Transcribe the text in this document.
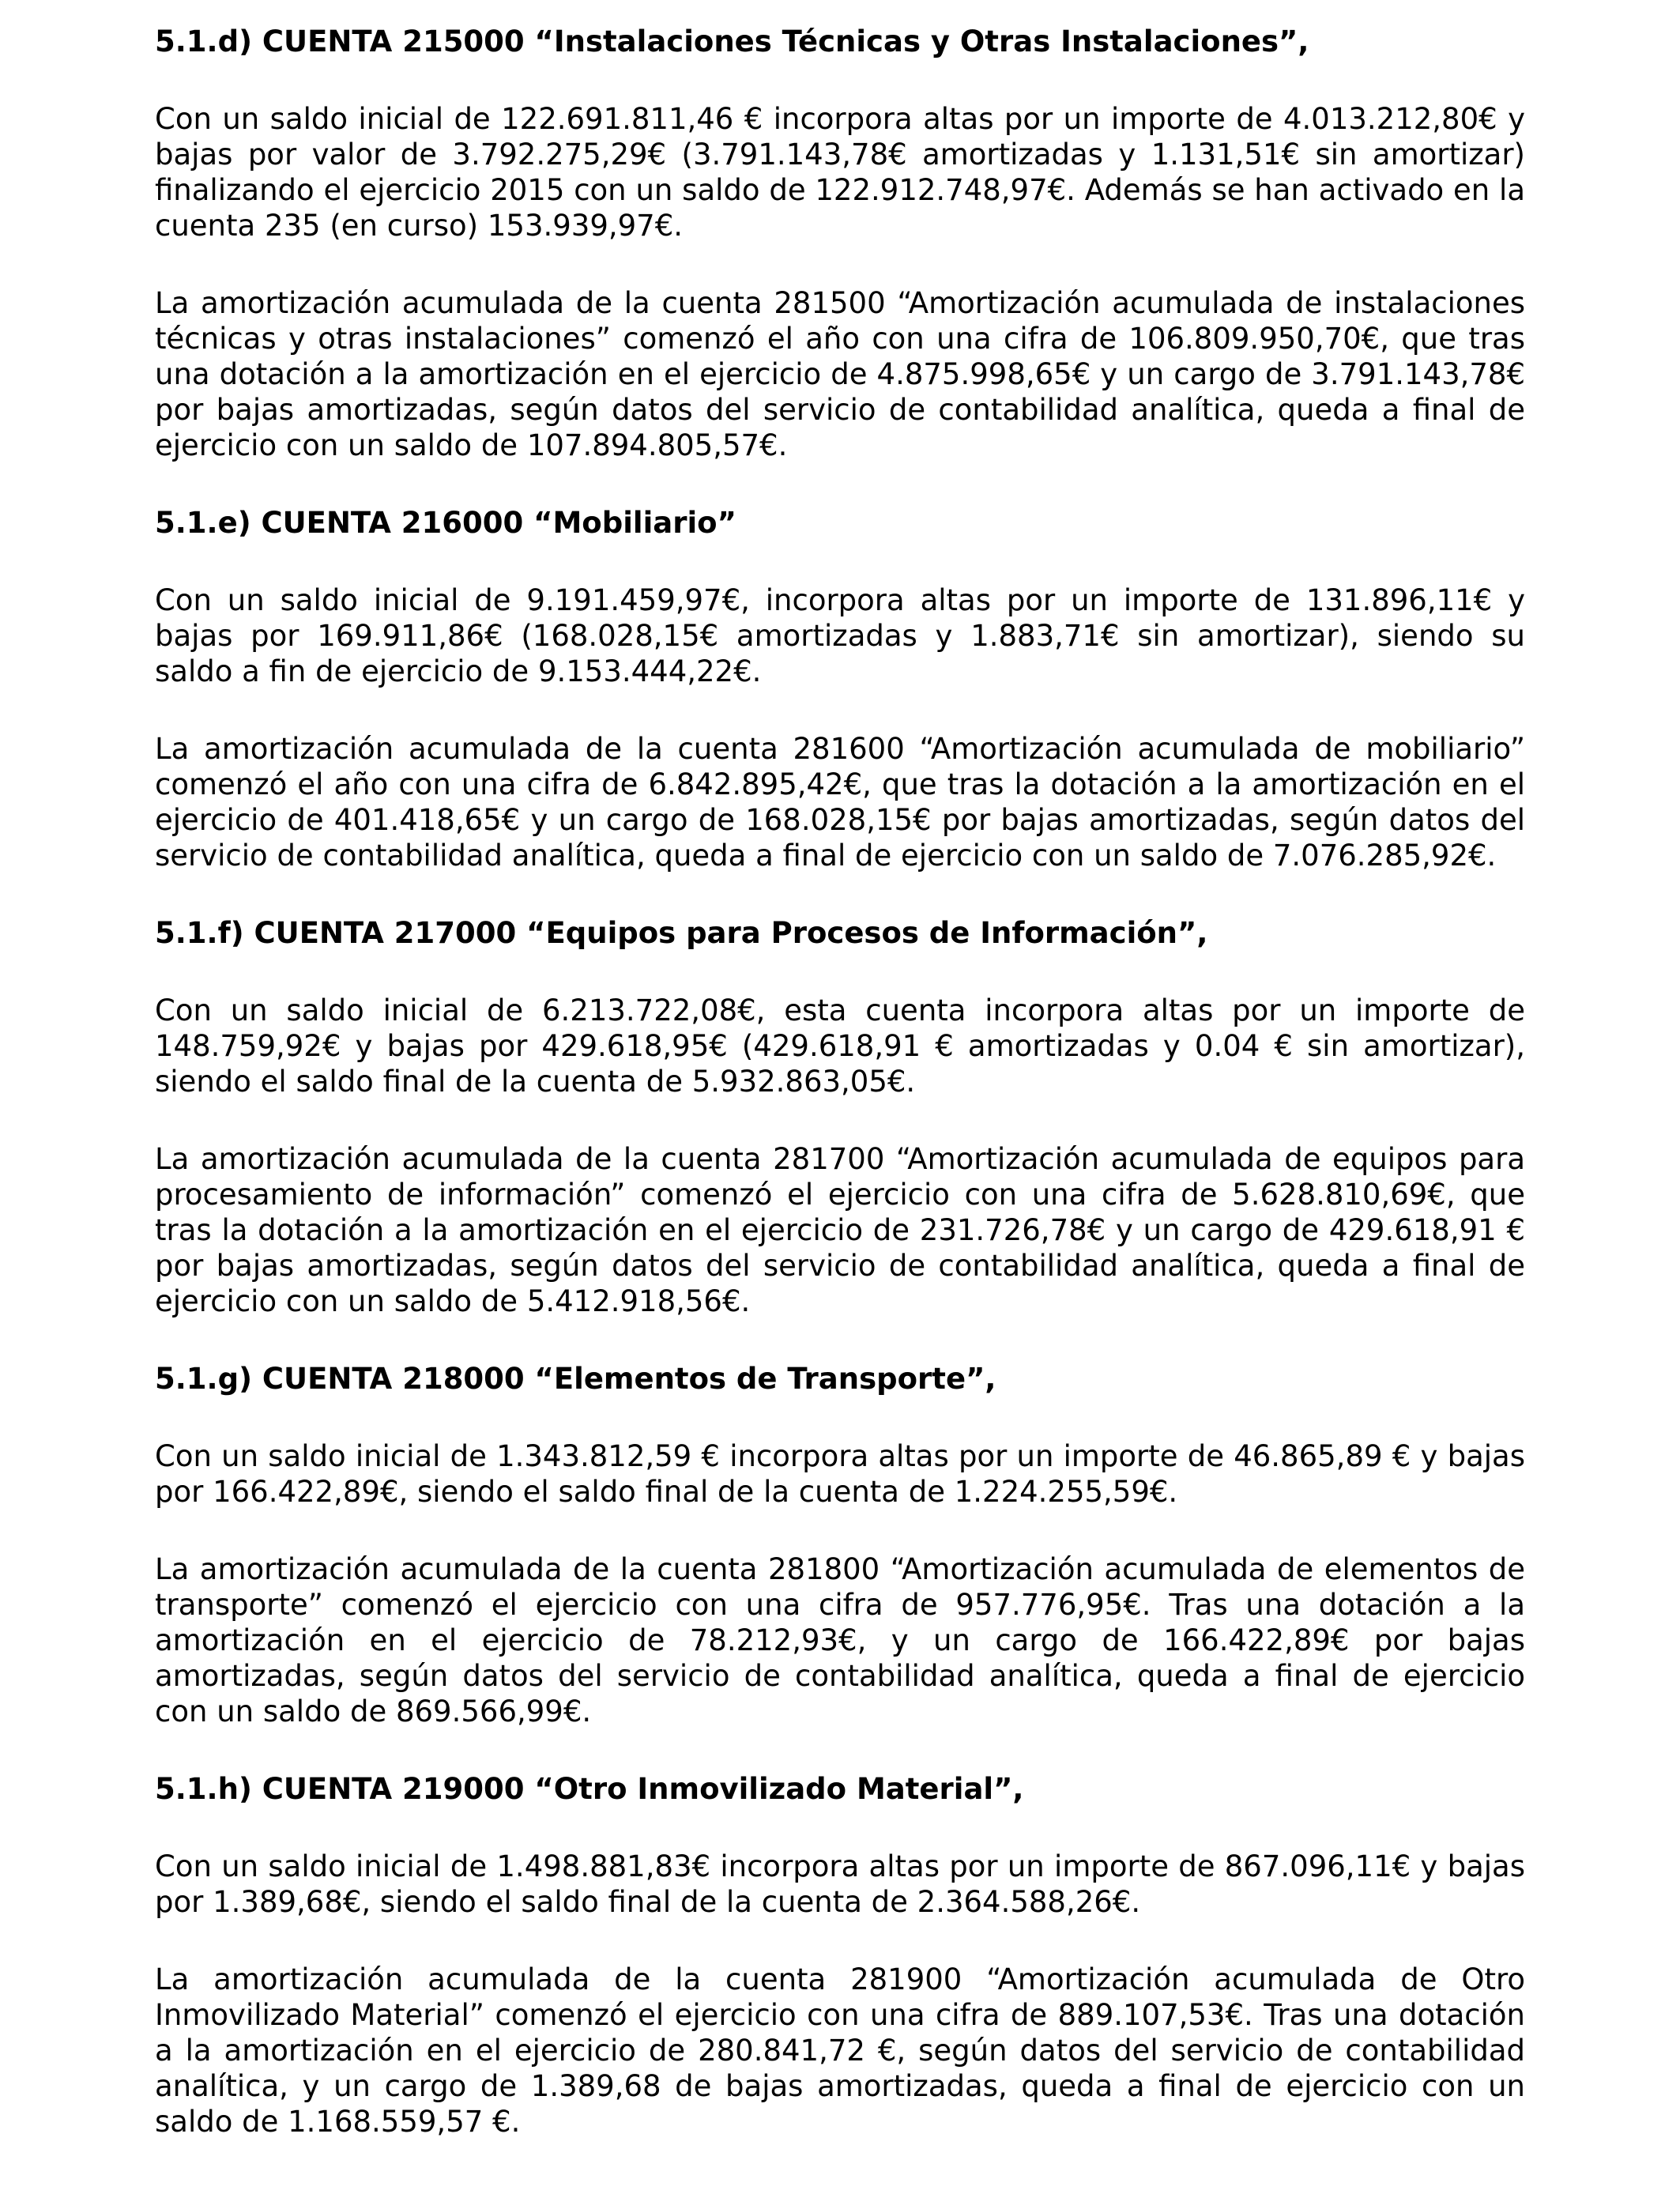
5.1.d) CUENTA 215000 “Instalaciones Técnicas y Otras Instalaciones”,

Con un saldo inicial de 122.691.811,46 € incorpora altas por un importe de 4.013.212,80€ y bajas por valor de 3.792.275,29€ (3.791.143,78€ amortizadas y 1.131,51€ sin amortizar) finalizando el ejercicio 2015 con un saldo de 122.912.748,97€. Además se han activado en la cuenta 235 (en curso) 153.939,97€.

La amortización acumulada de la cuenta 281500 “Amortización acumulada de instalaciones técnicas y otras instalaciones” comenzó el año con una cifra de 106.809.950,70€, que tras una dotación a la amortización en el ejercicio de 4.875.998,65€ y un cargo de 3.791.143,78€ por bajas amortizadas, según datos del servicio de contabilidad analítica, queda a final de ejercicio con un saldo de 107.894.805,57€.

5.1.e) CUENTA 216000 “Mobiliario”

Con un saldo inicial de 9.191.459,97€, incorpora altas por un importe de 131.896,11€ y bajas por 169.911,86€ (168.028,15€ amortizadas y 1.883,71€ sin amortizar), siendo su saldo a fin de ejercicio de 9.153.444,22€.

La amortización acumulada de la cuenta 281600 “Amortización acumulada de mobiliario” comenzó el año con una cifra de 6.842.895,42€, que tras la dotación a la amortización en el ejercicio de 401.418,65€ y un cargo de 168.028,15€ por bajas amortizadas, según datos del servicio de contabilidad analítica, queda a final de ejercicio con un saldo de 7.076.285,92€.

5.1.f) CUENTA 217000 “Equipos para Procesos de Información”,

Con un saldo inicial de 6.213.722,08€, esta cuenta incorpora altas por un importe de 148.759,92€ y bajas por 429.618,95€ (429.618,91 € amortizadas y 0.04 € sin amortizar), siendo el saldo final de la cuenta de 5.932.863,05€.

La amortización acumulada de la cuenta 281700 “Amortización acumulada de equipos para procesamiento de información” comenzó el ejercicio con una cifra de 5.628.810,69€, que tras la dotación a la amortización en el ejercicio de 231.726,78€ y un cargo de 429.618,91 € por bajas amortizadas, según datos del servicio de contabilidad analítica, queda a final de ejercicio con un saldo de 5.412.918,56€.

5.1.g) CUENTA 218000 “Elementos de Transporte”,

Con un saldo inicial de 1.343.812,59 € incorpora altas por un importe de 46.865,89 € y bajas por 166.422,89€, siendo el saldo final de la cuenta de 1.224.255,59€.

La amortización acumulada de la cuenta 281800 “Amortización acumulada de elementos de transporte” comenzó el ejercicio con una cifra de 957.776,95€. Tras una dotación a la amortización en el ejercicio de 78.212,93€, y un cargo de 166.422,89€ por bajas amortizadas, según datos del servicio de contabilidad analítica, queda a final de ejercicio con un saldo de 869.566,99€.

5.1.h) CUENTA 219000 “Otro Inmovilizado Material”,

Con un saldo inicial de 1.498.881,83€ incorpora altas por un importe de 867.096,11€ y bajas por 1.389,68€, siendo el saldo final de la cuenta de 2.364.588,26€.

La amortización acumulada de la cuenta 281900 “Amortización acumulada de Otro Inmovilizado Material” comenzó el ejercicio con una cifra de 889.107,53€. Tras una dotación a la amortización en el ejercicio de 280.841,72 €, según datos del servicio de contabilidad analítica, y un cargo de 1.389,68 de bajas amortizadas, queda a final de ejercicio con un saldo de 1.168.559,57 €.
